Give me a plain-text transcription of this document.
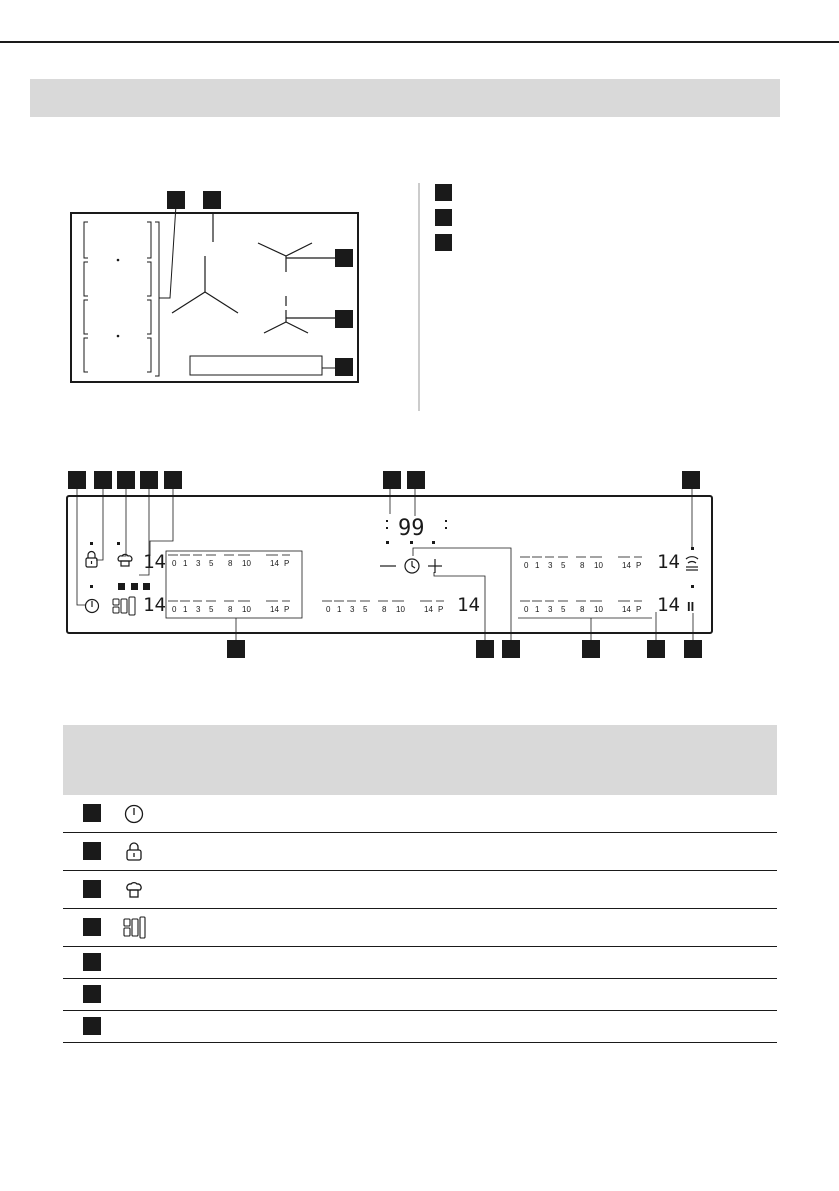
99
II
0 1 3 5 8 10 14 P
0 1 3 5 8 10 14 P	0 1 3 5 8 10 14 P
0 1 3 5 8 10 14 P
0 1 3 5 8 10 14 P
14
14	14
14
14
